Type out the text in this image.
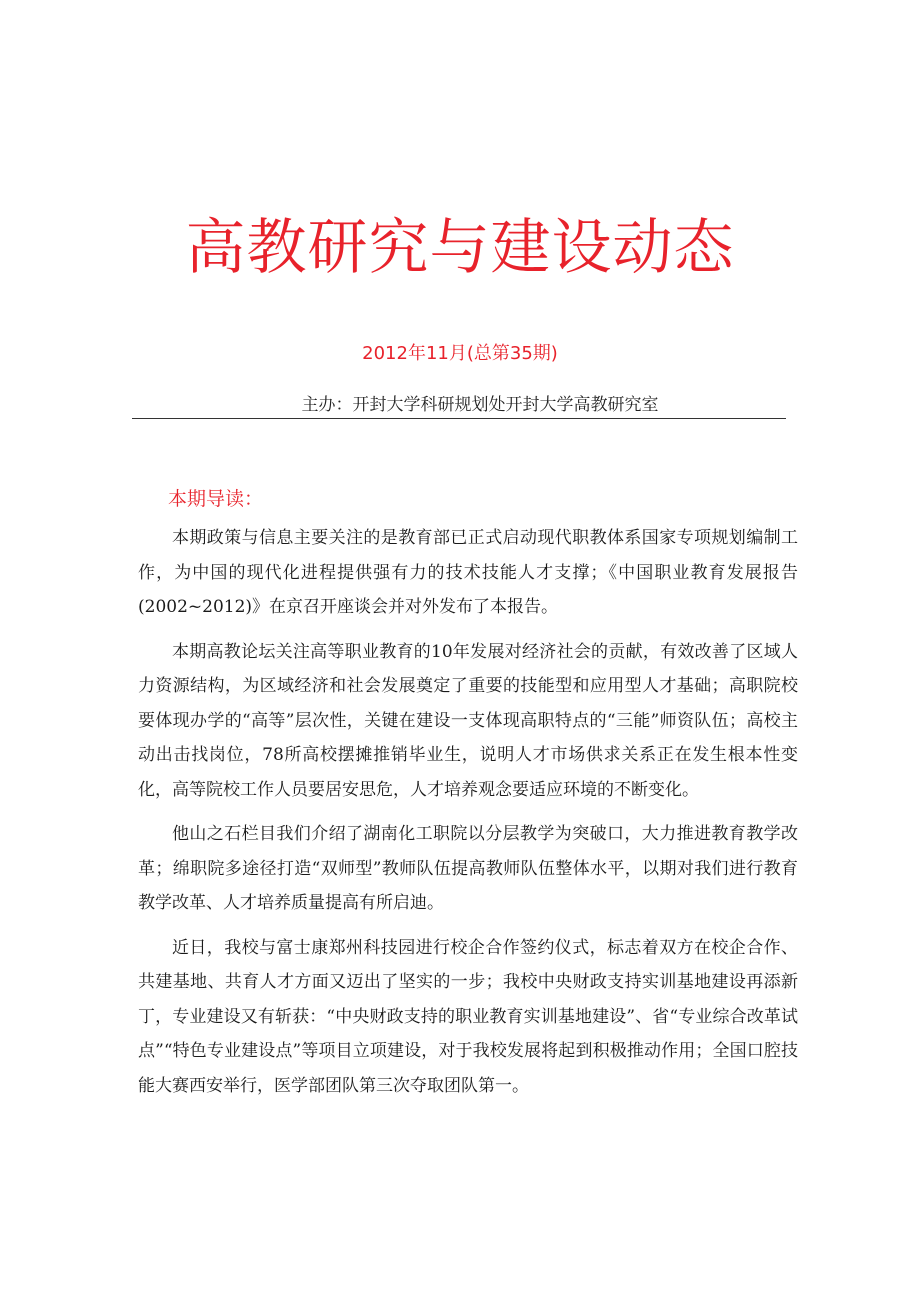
高教研究与建设动态
2012年11月(总第35期)
主办：开封大学科研规划处开封大学高教研究室
本期导读：

本期政策与信息主要关注的是教育部已正式启动现代职教体系国家专项规划编制工作，为中国的现代化进程提供强有力的技术技能人才支撑；《中国职业教育发展报告(2002~2012)》在京召开座谈会并对外发布了本报告。

本期高教论坛关注高等职业教育的10年发展对经济社会的贡献，有效改善了区域人力资源结构，为区域经济和社会发展奠定了重要的技能型和应用型人才基础；高职院校要体现办学的“高等”层次性，关键在建设一支体现高职特点的“三能”师资队伍；高校主动出击找岗位，78所高校摆摊推销毕业生，说明人才市场供求关系正在发生根本性变化，高等院校工作人员要居安思危，人才培养观念要适应环境的不断变化。

他山之石栏目我们介绍了湖南化工职院以分层教学为突破口，大力推进教育教学改革；绵职院多途径打造“双师型”教师队伍提高教师队伍整体水平，以期对我们进行教育教学改革、人才培养质量提高有所启迪。

近日，我校与富士康郑州科技园进行校企合作签约仪式，标志着双方在校企合作、共建基地、共育人才方面又迈出了坚实的一步；我校中央财政支持实训基地建设再添新丁，专业建设又有斩获：“中央财政支持的职业教育实训基地建设”、省“专业综合改革试点”“特色专业建设点”等项目立项建设，对于我校发展将起到积极推动作用；全国口腔技能大赛西安举行，医学部团队第三次夺取团队第一。
